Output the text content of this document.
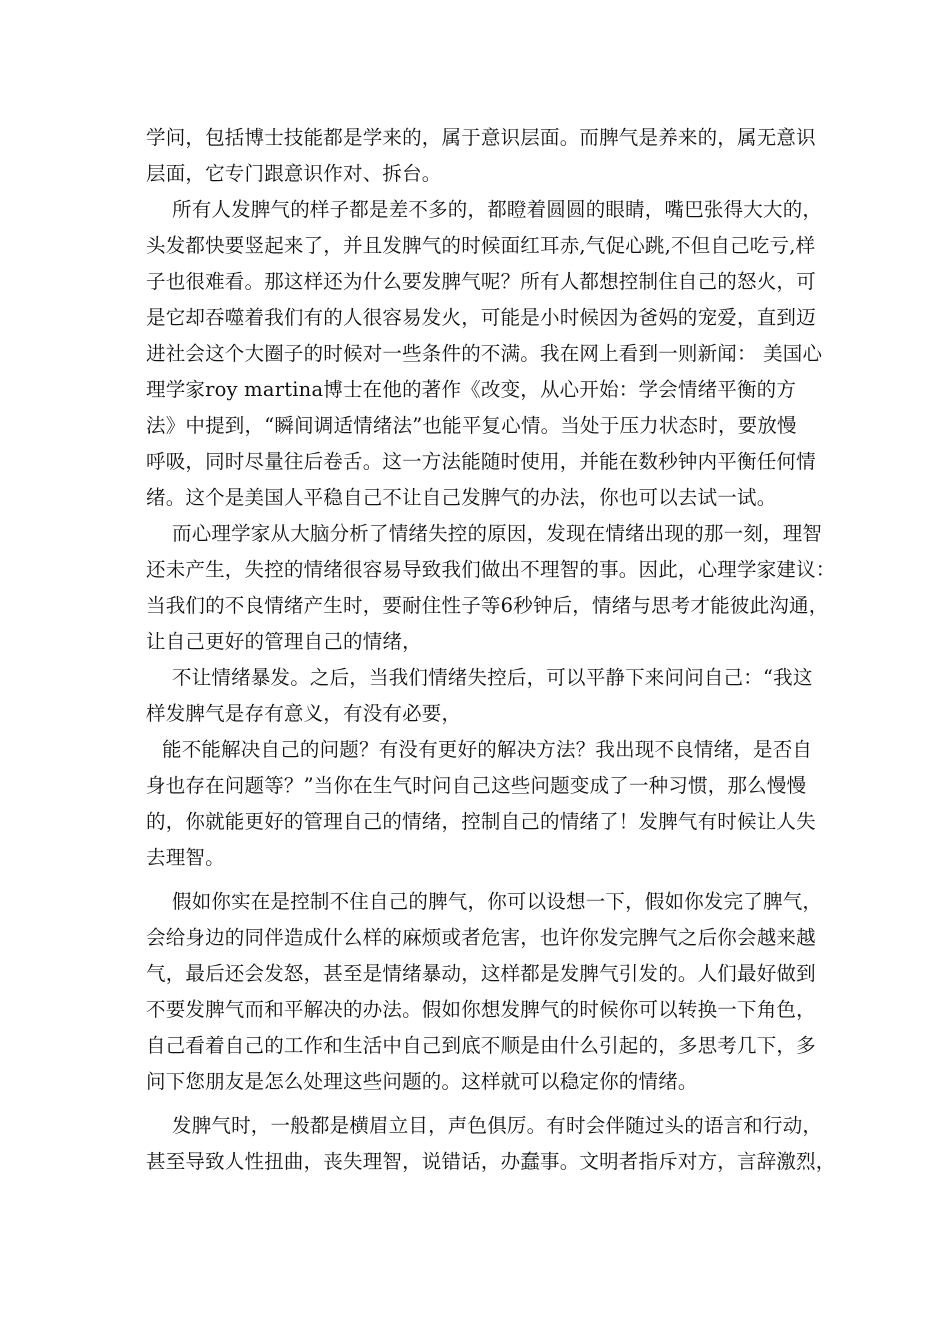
学问，包括博士技能都是学来的，属于意识层面。而脾气是养来的，属无意识
层面，它专门跟意识作对、拆台。
所有人发脾气的样子都是差不多的，都瞪着圆圆的眼睛，嘴巴张得大大的，
头发都快要竖起来了，并且发脾气的时候面红耳赤,气促心跳,不但自己吃亏,样
子也很难看。那这样还为什么要发脾气呢？所有人都想控制住自己的怒火，可
是它却吞噬着我们有的人很容易发火，可能是小时候因为爸妈的宠爱，直到迈
进社会这个大圈子的时候对一些条件的不满。我在网上看到一则新闻： 美国心
理学家roy martina博士在他的著作《改变，从心开始：学会情绪平衡的方
法》中提到，“瞬间调适情绪法”也能平复心情。当处于压力状态时，要放慢
呼吸，同时尽量往后卷舌。这一方法能随时使用，并能在数秒钟内平衡任何情
绪。这个是美国人平稳自己不让自己发脾气的办法，你也可以去试一试。
而心理学家从大脑分析了情绪失控的原因，发现在情绪出现的那一刻，理智
还未产生，失控的情绪很容易导致我们做出不理智的事。因此，心理学家建议：
当我们的不良情绪产生时，要耐住性子等6秒钟后，情绪与思考才能彼此沟通，
让自己更好的管理自己的情绪，
不让情绪暴发。之后，当我们情绪失控后，可以平静下来问问自己：“我这
样发脾气是存有意义，有没有必要，
能不能解决自己的问题？有没有更好的解决方法？我出现不良情绪，是否自
身也存在问题等？”当你在生气时问自己这些问题变成了一种习惯，那么慢慢
的，你就能更好的管理自己的情绪，控制自己的情绪了！发脾气有时候让人失
去理智。
假如你实在是控制不住自己的脾气，你可以设想一下，假如你发完了脾气，
会给身边的同伴造成什么样的麻烦或者危害，也许你发完脾气之后你会越来越
气，最后还会发怒，甚至是情绪暴动，这样都是发脾气引发的。人们最好做到
不要发脾气而和平解决的办法。假如你想发脾气的时候你可以转换一下角色，
自己看着自己的工作和生活中自己到底不顺是由什么引起的，多思考几下，多
问下您朋友是怎么处理这些问题的。这样就可以稳定你的情绪。
发脾气时，一般都是横眉立目，声色俱厉。有时会伴随过头的语言和行动，
甚至导致人性扭曲，丧失理智，说错话，办蠢事。文明者指斥对方，言辞激烈，
